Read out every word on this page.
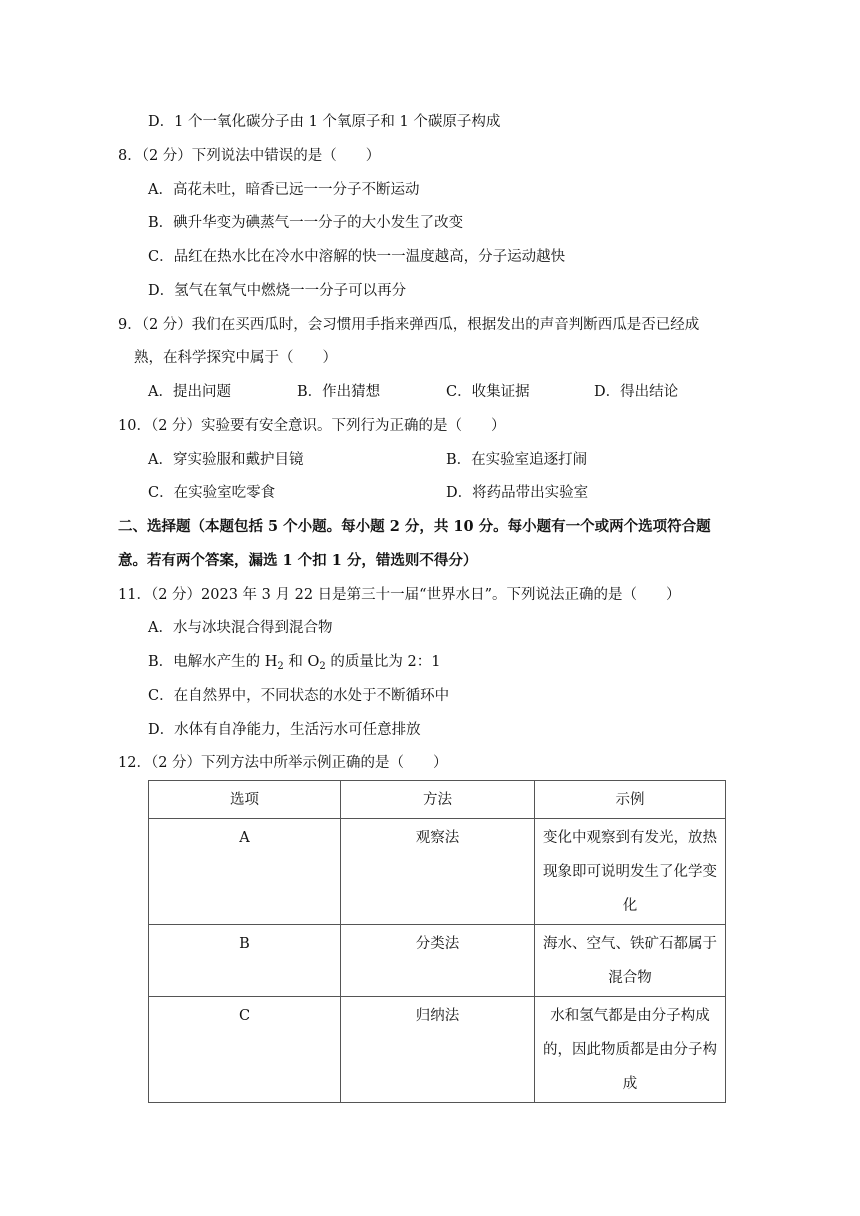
D．1 个一氧化碳分子由 1 个氧原子和 1 个碳原子构成
8．（2 分）下列说法中错误的是（　　）
A．高花未吐，暗香已远一一分子不断运动
B．碘升华变为碘蒸气一一分子的大小发生了改变
C．品红在热水比在冷水中溶解的快一一温度越高，分子运动越快
D．氢气在氧气中燃烧一一分子可以再分
9．（2 分）我们在买西瓜时，会习惯用手指来弹西瓜，根据发出的声音判断西瓜是否已经成
熟，在科学探究中属于（　　）
A．提出问题	B．作出猜想	C．收集证据	D．得出结论
10．（2 分）实验要有安全意识。下列行为正确的是（　　）
A．穿实验服和戴护目镜	B．在实验室追逐打闹
C．在实验室吃零食	D．将药品带出实验室
二、选择题（本题包括 5 个小题。每小题 2 分，共 10 分。每小题有一个或两个选项符合题
意。若有两个答案，漏选 1 个扣 1 分，错选则不得分）
11．（2 分）2023 年 3 月 22 日是第三十一届“世界水日”。下列说法正确的是（　　）
A．水与冰块混合得到混合物
B．电解水产生的 $H_2$ 和 $O_2$ 的质量比为 2：1
C．在自然界中，不同状态的水处于不断循环中
D．水体有自净能力，生活污水可任意排放
12．（2 分）下列方法中所举示例正确的是（　　）
选项	方法	示例

A	观察法	变化中观察到有发光，放热
现象即可说明发生了化学变
化

B	分类法	海水、空气、铁矿石都属于
混合物

C	归纳法	水和氢气都是由分子构成
的，因此物质都是由分子构
成
